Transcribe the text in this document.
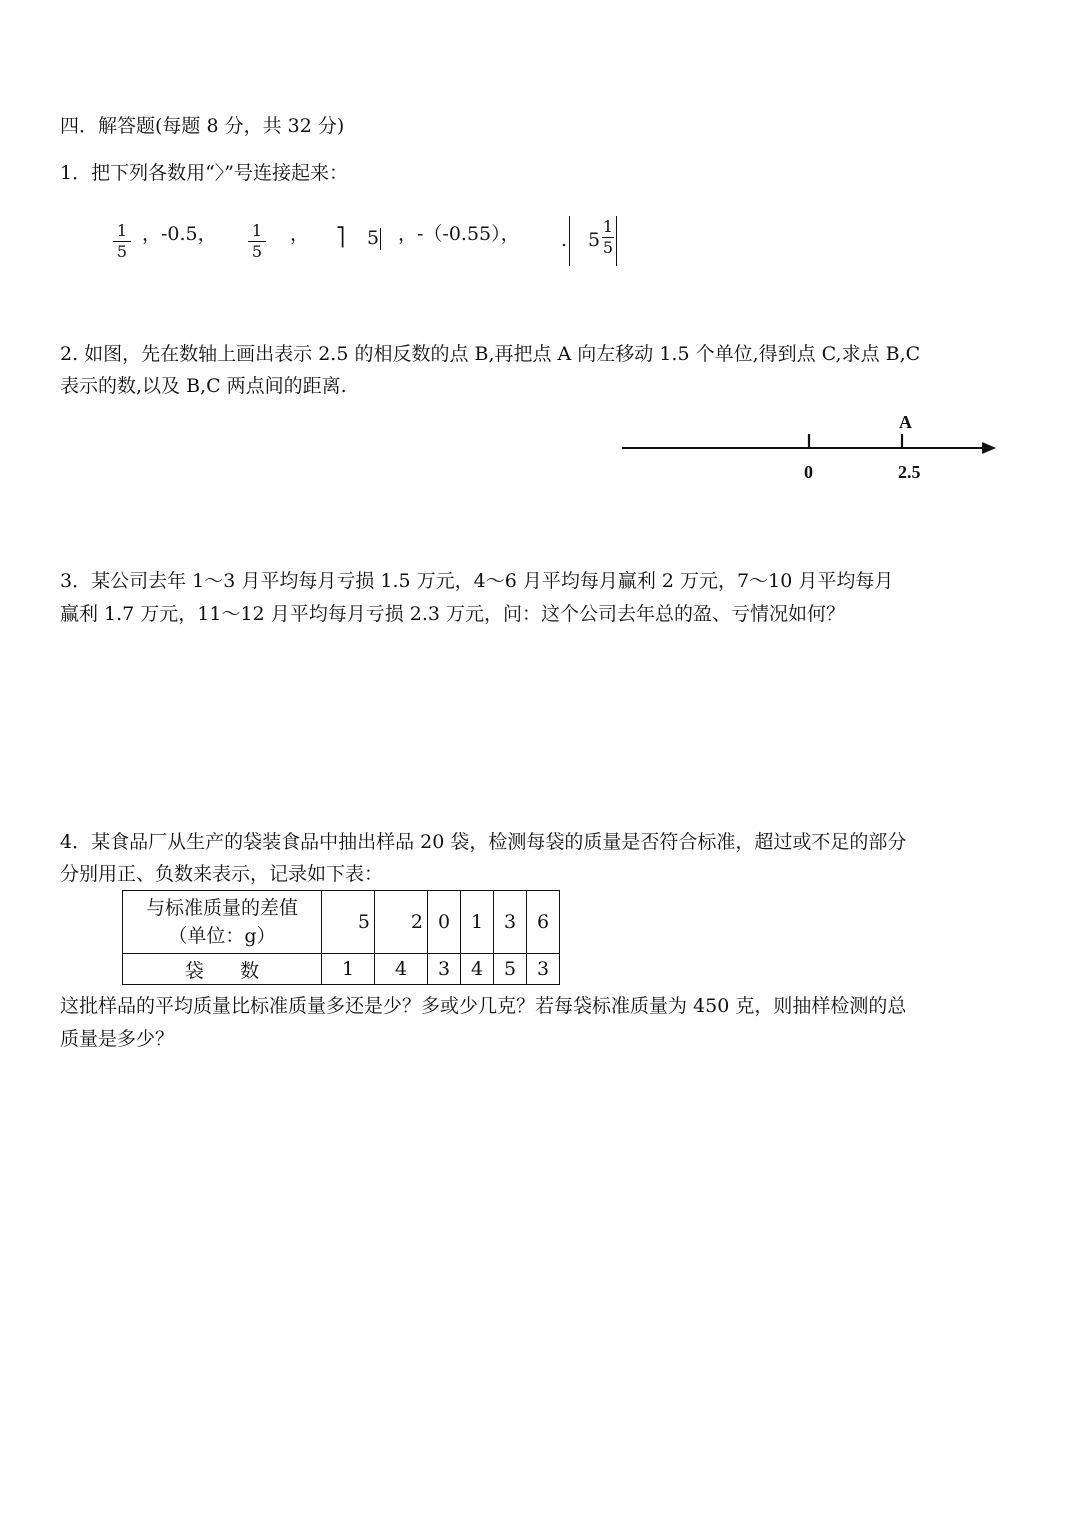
四．解答题(每题 8 分，共 32 分)
1．把下列各数用“〉”号连接起来：
1
5
，-0.5， 1
5
， ⎤ 5 ，-（-0.55）， . 5
1
5
2. 如图，先在数轴上画出表示 2.5 的相反数的点 B,再把点 A 向左移动 1.5 个单位,得到点 C,求点 B,C
表示的数,以及 B,C 两点间的距离.
A
0	2.5
3．某公司去年 1～3 月平均每月亏损 1.5 万元，4～6 月平均每月赢利 2 万元，7～10 月平均每月
赢利 1.7 万元，11～12 月平均每月亏损 2.3 万元，问：这个公司去年总的盈、亏情况如何？
4．某食品厂从生产的袋装食品中抽出样品 20 袋，检测每袋的质量是否符合标准，超过或不足的部分
分别用正、负数来表示，记录如下表：
与标准质量的差值
（单位：g）	5	2	0	1	3	6
袋      数	1	4	3	4	5	3
这批样品的平均质量比标准质量多还是少？多或少几克？若每袋标准质量为 450 克，则抽样检测的总
质量是多少？
